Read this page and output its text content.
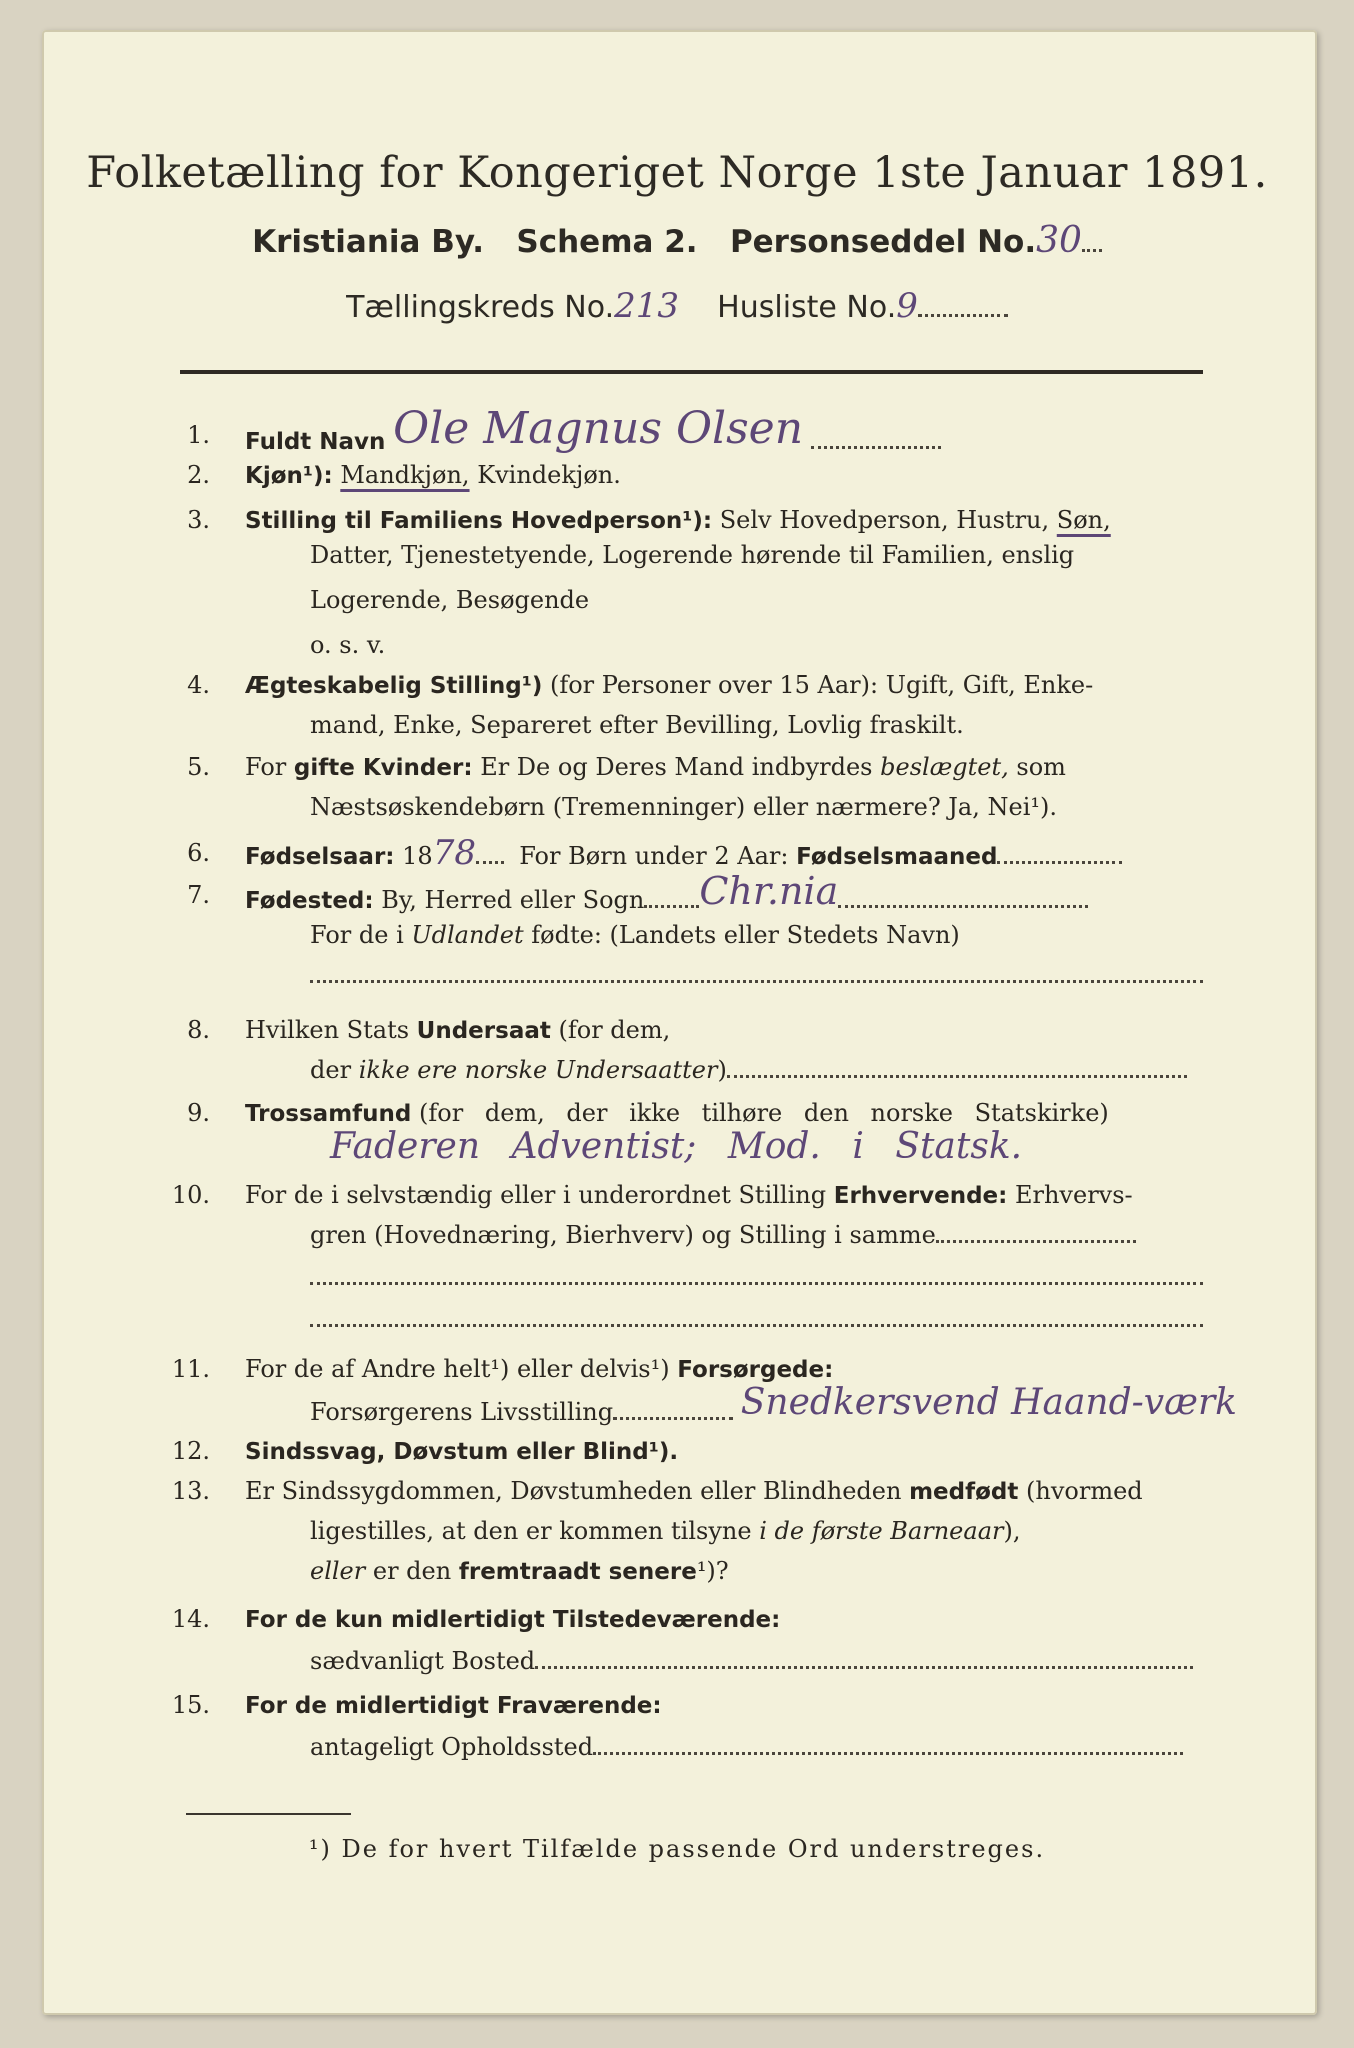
Folketælling for Kongeriget Norge 1ste Januar 1891.
Kristiania By. Schema 2. Personseddel No.30
Tællingskreds No.213 Husliste No.9
1. Fuldt Navn Ole Magnus Olsen
2. Kjøn¹): Mandkjøn, Kvindekjøn.
3. Stilling til Familiens Hovedperson¹): Selv Hovedperson, Hustru, Søn,
Datter, Tjenestetyende, Logerende hørende til Familien, enslig
Logerende, Besøgende
o. s. v.
4. Ægteskabelig Stilling¹) (for Personer over 15 Aar): Ugift, Gift, Enke-
mand, Enke, Separeret efter Bevilling, Lovlig fraskilt.
5. For gifte Kvinder: Er De og Deres Mand indbyrdes beslægtet, som
Næstsøskendebørn (Tremenninger) eller nærmere? Ja, Nei¹).
6. Fødselsaar: 1878 For Børn under 2 Aar: Fødselsmaaned
7. Fødested: By, Herred eller Sogn Chr.nia
For de i Udlandet fødte: (Landets eller Stedets Navn)
8. Hvilken Stats Undersaat (for dem,
der ikke ere norske Undersaatter)
9. Trossamfund (for dem, der ikke tilhøre den norske Statskirke)
Faderen Adventist; Mod. i Statsk.
10. For de i selvstændig eller i underordnet Stilling Erhvervende: Erhvervs-
gren (Hovednæring, Bierhverv) og Stilling i samme
11. For de af Andre helt¹) eller delvis¹) Forsørgede:
Forsørgerens Livsstilling	Snedkersvend Haand-værk
12. Sindssvag, Døvstum eller Blind¹).
13. Er Sindssygdommen, Døvstumheden eller Blindheden medfødt (hvormed
ligestilles, at den er kommen tilsyne i de første Barneaar),
eller er den fremtraadt senere¹)?
14. For de kun midlertidigt Tilstedeværende:
sædvanligt Bosted
15. For de midlertidigt Fraværende:
antageligt Opholdssted
¹) De for hvert Tilfælde passende Ord understreges.
